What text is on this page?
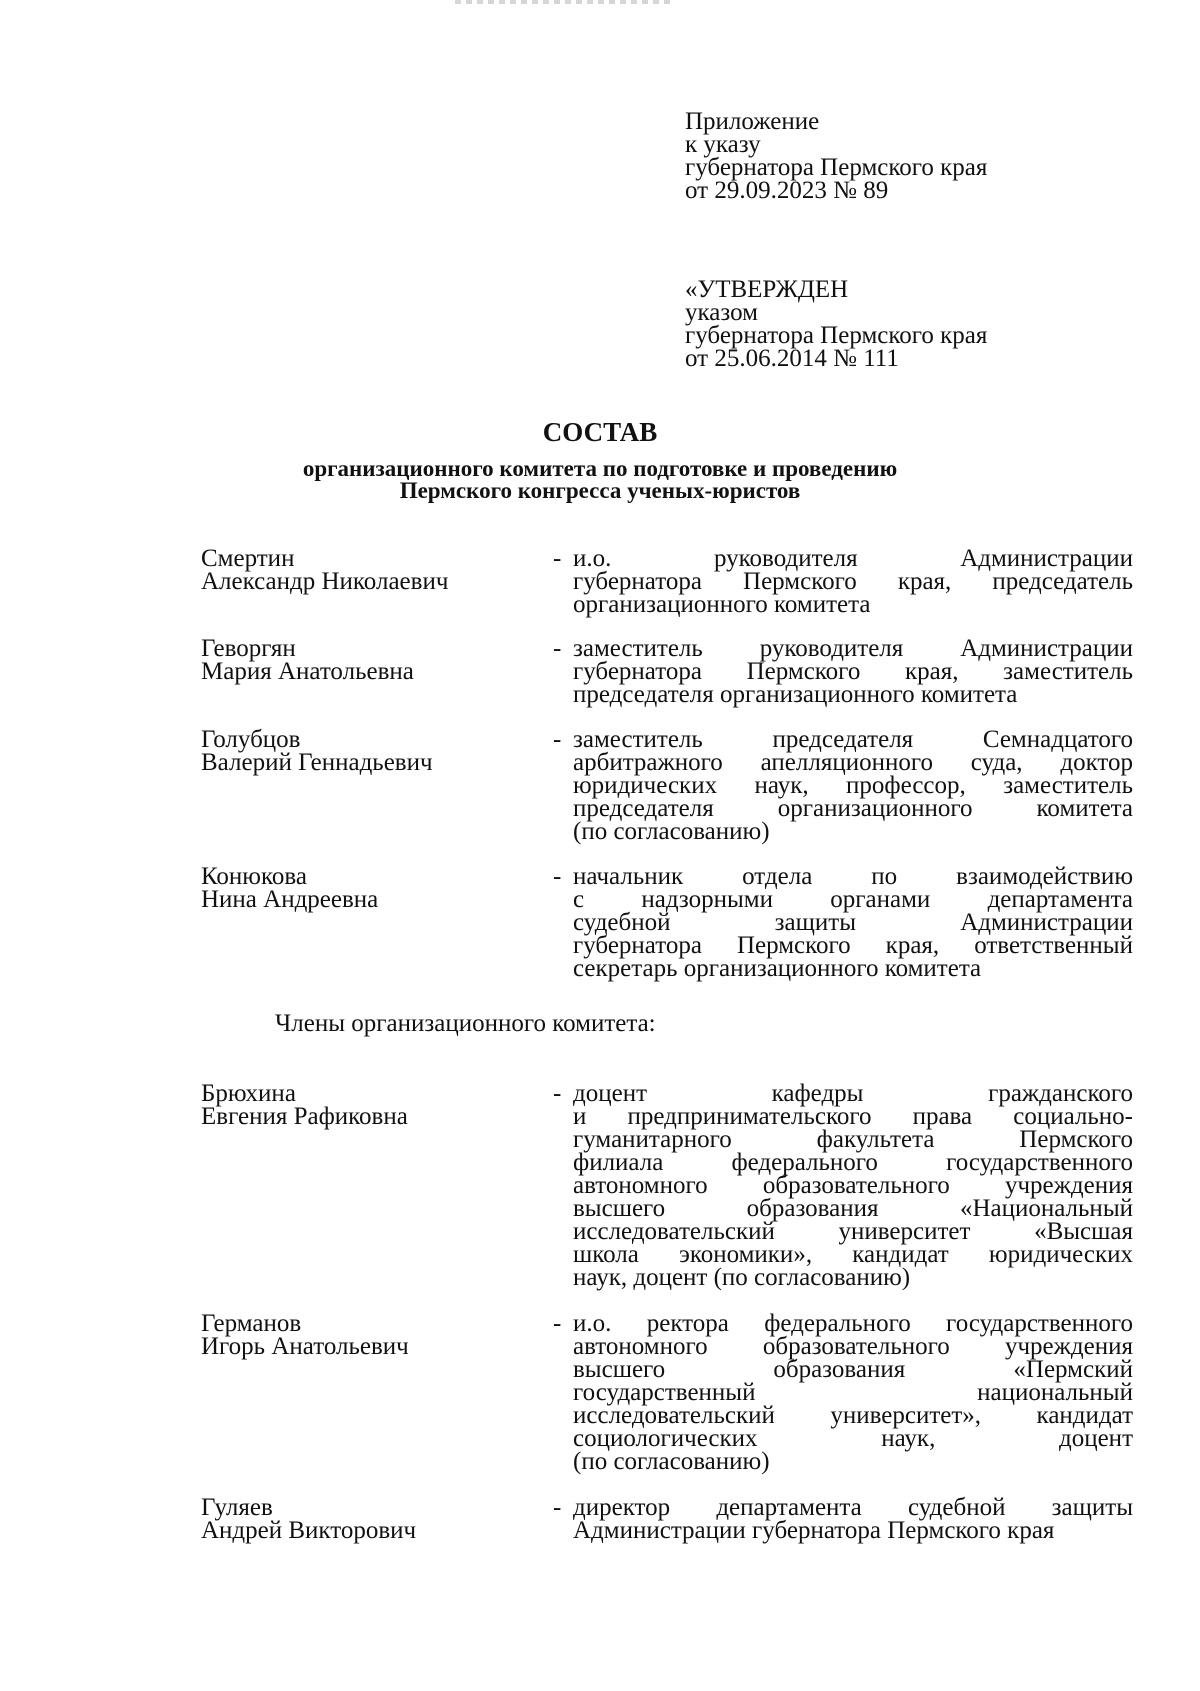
Приложение
к указу
губернатора Пермского края
от 29.09.2023 № 89
«УТВЕРЖДЕН
указом
губернатора Пермского края
от 25.06.2014 № 111
СОСТАВ
организационного комитета по подготовке и проведению
Пермского конгресса ученых-юристов
Смертин
Александр Николаевич
- и.о. руководителя Администрации
губернатора Пермского края, председатель
организационного комитета
Геворгян
Мария Анатольевна
- заместитель руководителя Администрации
губернатора Пермского края, заместитель
председателя организационного комитета
Голубцов
Валерий Геннадьевич
- заместитель председателя Семнадцатого
арбитражного апелляционного суда, доктор
юридических наук, профессор, заместитель
председателя организационного комитета
(по согласованию)
Конюкова
Нина Андреевна
- начальник отдела по взаимодействию
с надзорными органами департамента
судебной защиты Администрации
губернатора Пермского края, ответственный
секретарь организационного комитета
Члены организационного комитета:
Брюхина
Евгения Рафиковна
- доцент кафедры гражданского
и предпринимательского права социально-
гуманитарного факультета Пермского
филиала федерального государственного
автономного образовательного учреждения
высшего образования «Национальный
исследовательский университет «Высшая
школа экономики», кандидат юридических
наук, доцент (по согласованию)
Германов
Игорь Анатольевич
- и.о. ректора федерального государственного
автономного образовательного учреждения
высшего образования «Пермский
государственный национальный
исследовательский университет», кандидат
социологических наук, доцент
(по согласованию)
Гуляев
Андрей Викторович
- директор департамента судебной защиты
Администрации губернатора Пермского края
